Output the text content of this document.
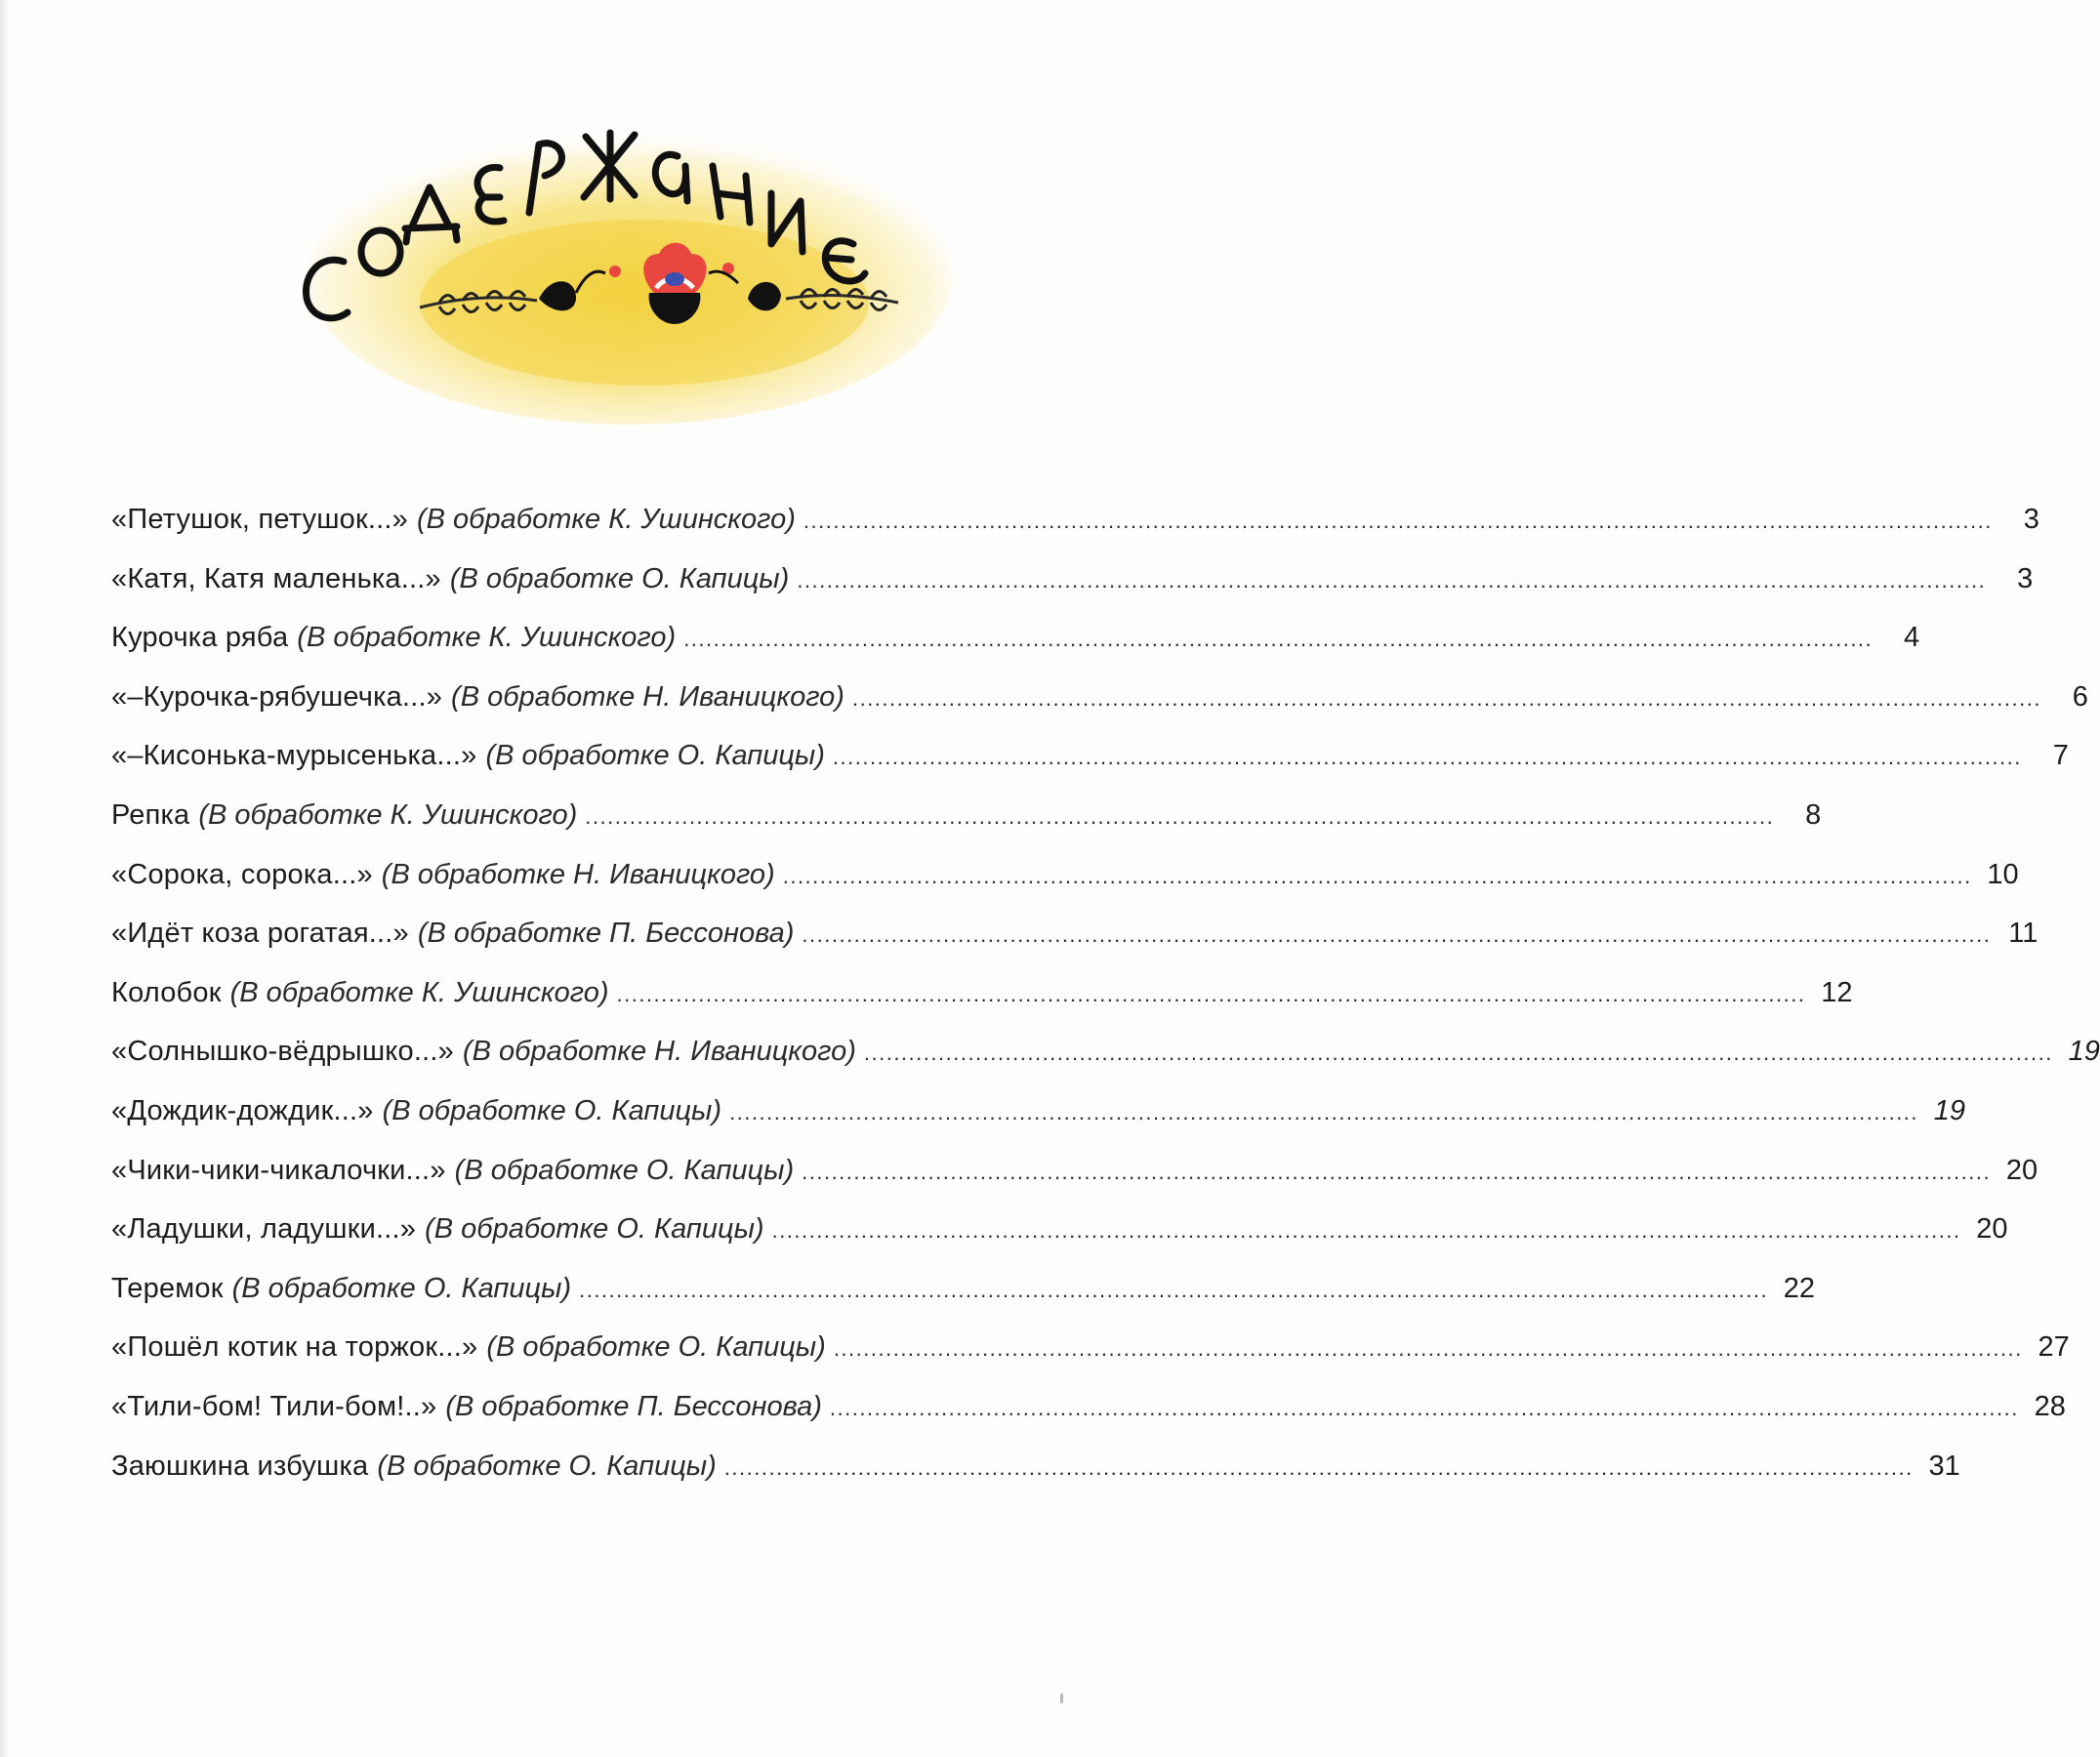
«Петушок, петушок...» (В обработке К. Ушинского) ................................................................................................................................................................	3
«Катя, Катя маленька...» (В обработке О. Капицы) ................................................................................................................................................................	3
Курочка ряба (В обработке К. Ушинского) ................................................................................................................................................................	4
«–Курочка-рябушечка...» (В обработке Н. Иваницкого) ................................................................................................................................................................	6
«–Кисонька-мурысенька...» (В обработке О. Капицы) ................................................................................................................................................................	7
Репка (В обработке К. Ушинского) ................................................................................................................................................................	8
«Сорока, сорока...» (В обработке Н. Иваницкого) ................................................................................................................................................................ 10
«Идёт коза рогатая...» (В обработке П. Бессонова) ................................................................................................................................................................ 11
Колобок (В обработке К. Ушинского) ................................................................................................................................................................ 12
«Солнышко-вёдрышко...» (В обработке Н. Иваницкого) ................................................................................................................................................................ 19
«Дождик-дождик...» (В обработке О. Капицы) ................................................................................................................................................................ 19
«Чики-чики-чикалочки...» (В обработке О. Капицы) ................................................................................................................................................................ 20
«Ладушки, ладушки...» (В обработке О. Капицы) ................................................................................................................................................................ 20
Теремок (В обработке О. Капицы) ................................................................................................................................................................ 22
«Пошёл котик на торжок...» (В обработке О. Капицы) ................................................................................................................................................................ 27
«Тили-бом! Тили-бом!..» (В обработке П. Бессонова) ................................................................................................................................................................ 28
Заюшкина избушка (В обработке О. Капицы) ................................................................................................................................................................ 31
